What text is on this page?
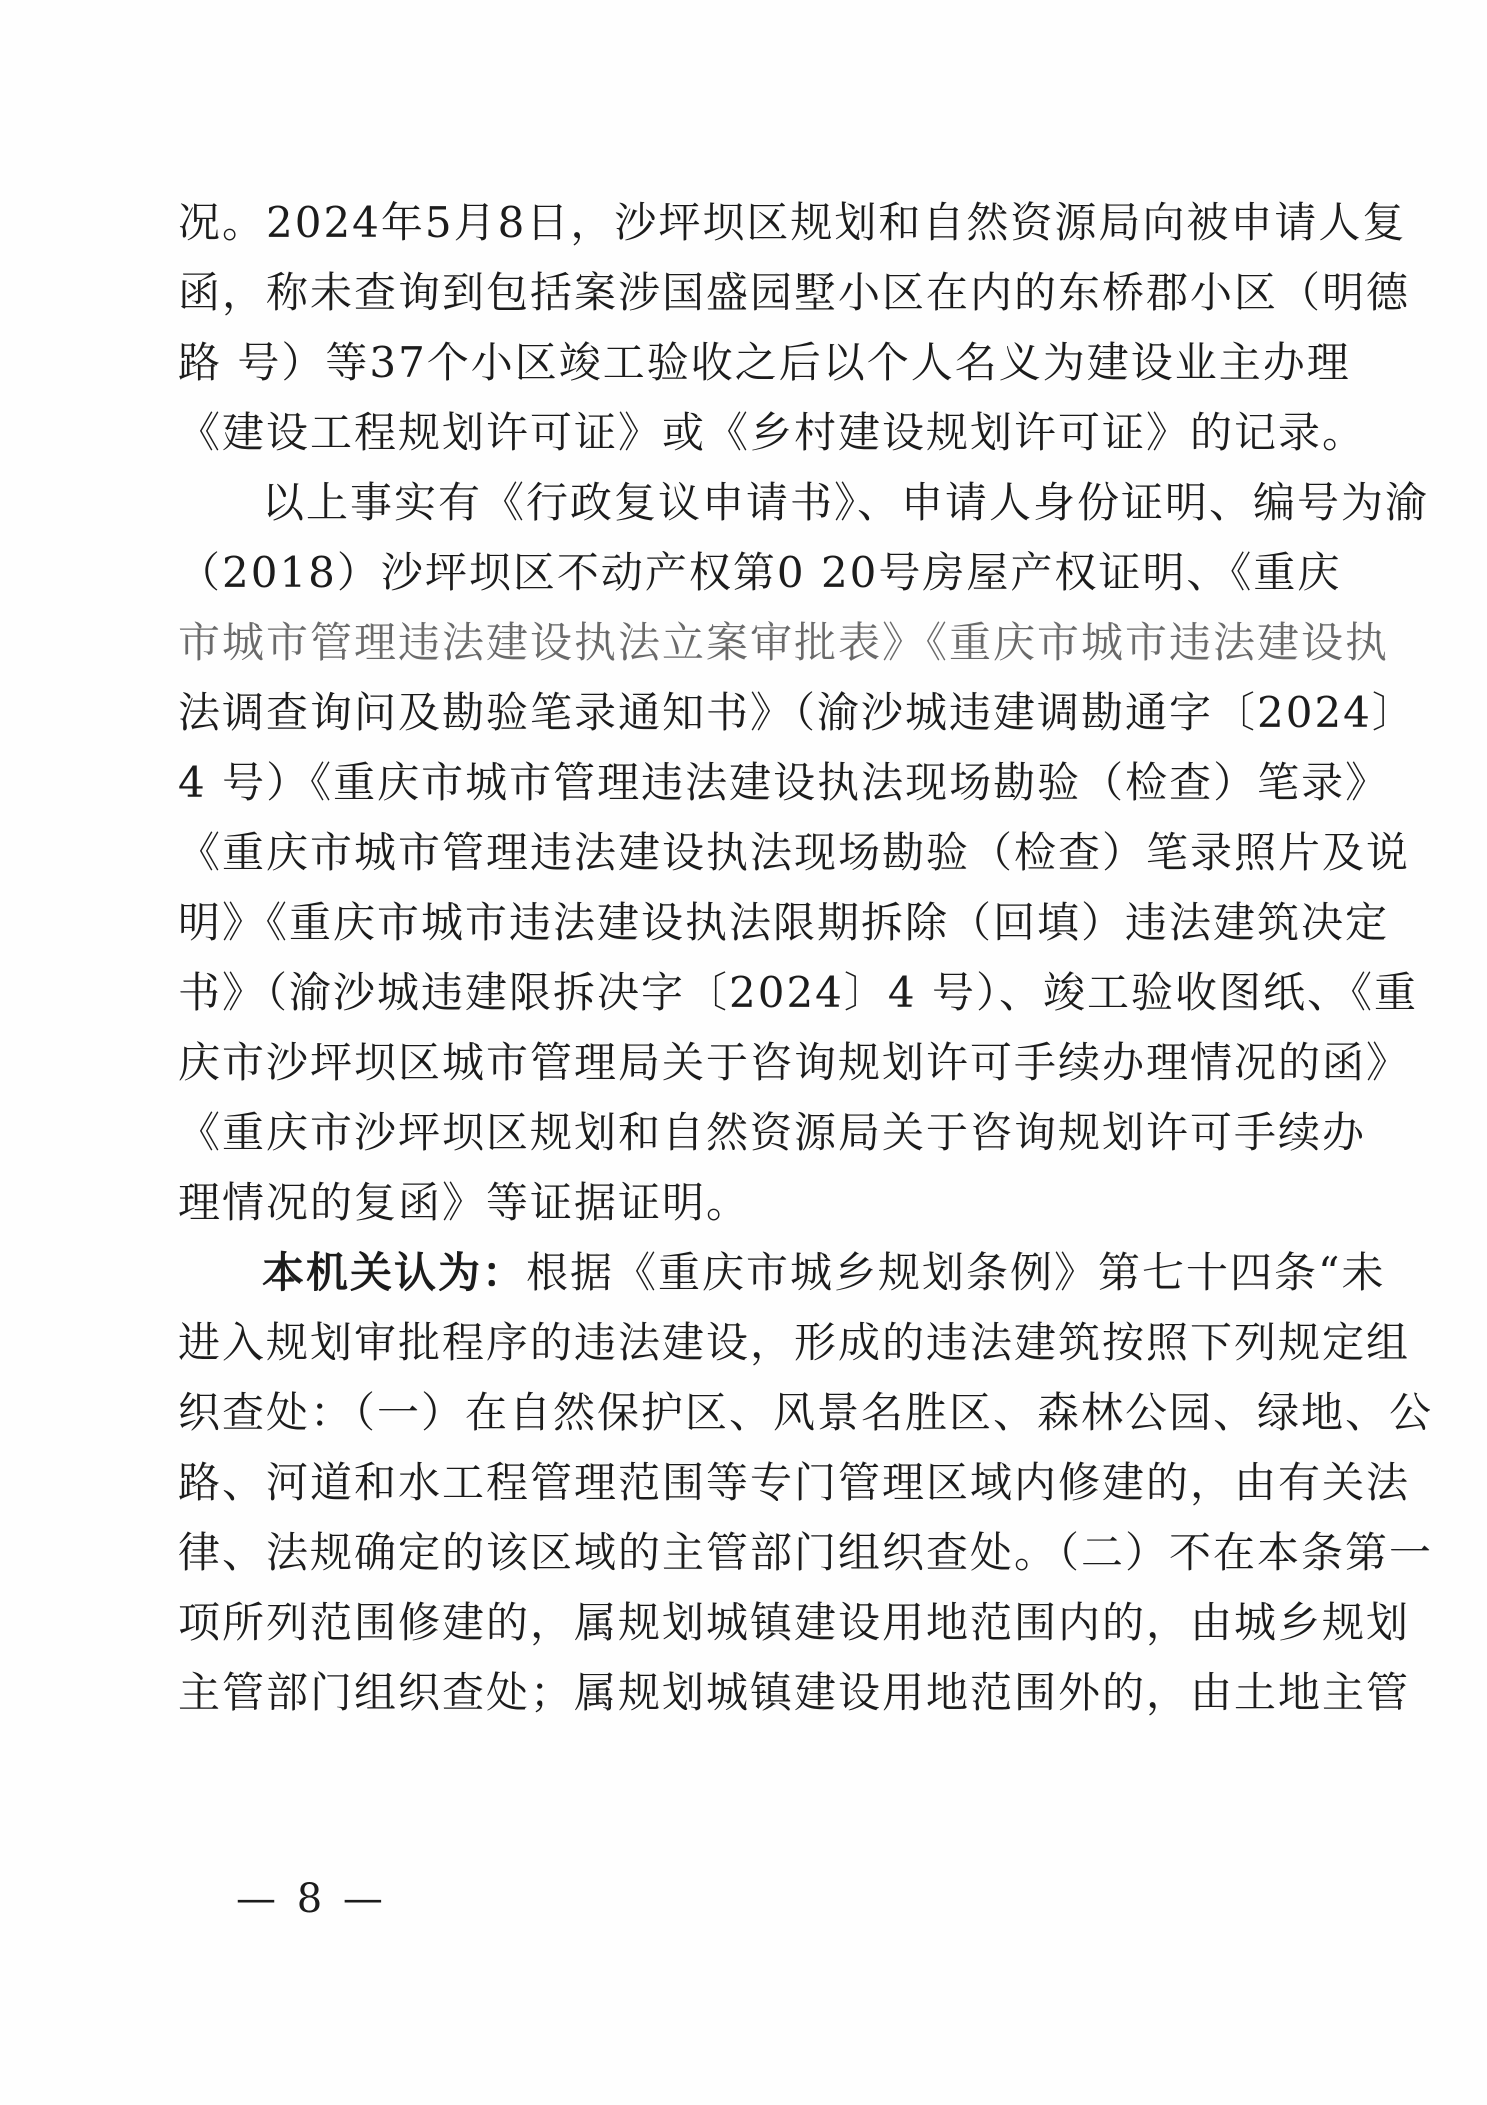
况。2024年5月8日，沙坪坝区规划和自然资源局向被申请人复
函，称未查询到包括案涉国盛园墅小区在内的东桥郡小区（明德
路 号）等37个小区竣工验收之后以个人名义为建设业主办理
《建设工程规划许可证》或《乡村建设规划许可证》的记录。
以上事实有《行政复议申请书》、申请人身份证明、编号为渝
（2018）沙坪坝区不动产权第0 20号房屋产权证明、《重庆
市城市管理违法建设执法立案审批表》《重庆市城市违法建设执
法调查询问及勘验笔录通知书》（渝沙城违建调勘通字〔2024〕
4 号）《重庆市城市管理违法建设执法现场勘验（检查）笔录》
《重庆市城市管理违法建设执法现场勘验（检查）笔录照片及说
明》《重庆市城市违法建设执法限期拆除（回填）违法建筑决定
书》（渝沙城违建限拆决字〔2024〕4 号）、竣工验收图纸、《重
庆市沙坪坝区城市管理局关于咨询规划许可手续办理情况的函》
《重庆市沙坪坝区规划和自然资源局关于咨询规划许可手续办
理情况的复函》等证据证明。
本机关认为：根据《重庆市城乡规划条例》第七十四条“未
进入规划审批程序的违法建设，形成的违法建筑按照下列规定组
织查处：（一）在自然保护区、风景名胜区、森林公园、绿地、公
路、河道和水工程管理范围等专门管理区域内修建的，由有关法
律、法规确定的该区域的主管部门组织查处。（二）不在本条第一
项所列范围修建的，属规划城镇建设用地范围内的，由城乡规划
主管部门组织查处；属规划城镇建设用地范围外的，由土地主管
— 8 —
